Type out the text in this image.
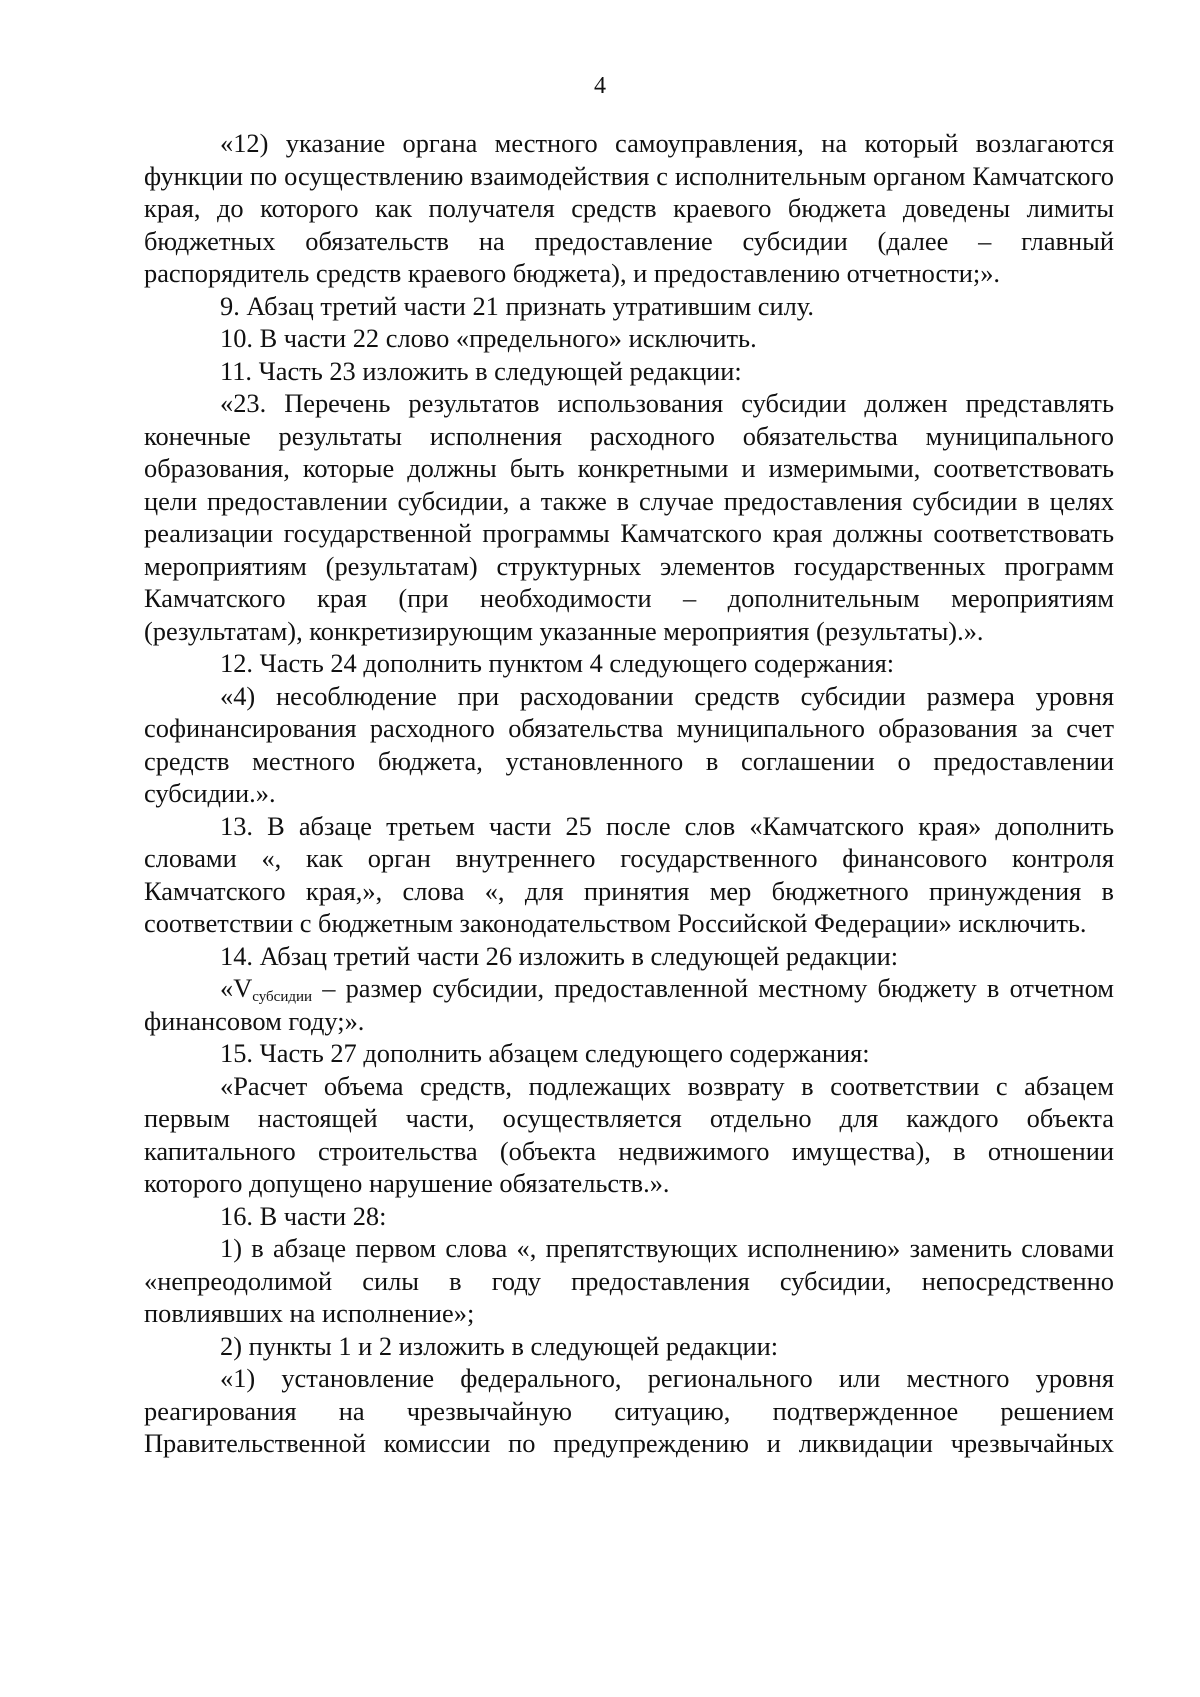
4

«12) указание органа местного самоуправления, на который возлагаются функции по осуществлению взаимодействия с исполнительным органом Камчатского края, до которого как получателя средств краевого бюджета доведены лимиты бюджетных обязательств на предоставление субсидии (далее – главный распорядитель средств краевого бюджета), и предоставлению отчетности;».

9. Абзац третий части 21 признать утратившим силу.

10. В части 22 слово «предельного» исключить.

11. Часть 23 изложить в следующей редакции:

«23. Перечень результатов использования субсидии должен представлять конечные результаты исполнения расходного обязательства муниципального образования, которые должны быть конкретными и измеримыми, соответствовать цели предоставлении субсидии, а также в случае предоставления субсидии в целях реализации государственной программы Камчатского края должны соответствовать мероприятиям (результатам) структурных элементов государственных программ Камчатского края (при необходимости – дополнительным мероприятиям (результатам), конкретизирующим указанные мероприятия (результаты).».

12. Часть 24 дополнить пунктом 4 следующего содержания:

«4) несоблюдение при расходовании средств субсидии размера уровня софинансирования расходного обязательства муниципального образования за счет средств местного бюджета, установленного в соглашении о предоставлении субсидии.».

13. В абзаце третьем части 25 после слов «Камчатского края» дополнить словами «, как орган внутреннего государственного финансового контроля Камчатского края,», слова «, для принятия мер бюджетного принуждения в соответствии с бюджетным законодательством Российской Федерации» исключить.

14. Абзац третий части 26 изложить в следующей редакции:

«$V_{субсидии}$ – размер субсидии, предоставленной местному бюджету в отчетном финансовом году;».

15. Часть 27 дополнить абзацем следующего содержания:

«Расчет объема средств, подлежащих возврату в соответствии с абзацем первым настоящей части, осуществляется отдельно для каждого объекта капитального строительства (объекта недвижимого имущества), в отношении которого допущено нарушение обязательств.».

16. В части 28:

1) в абзаце первом слова «, препятствующих исполнению» заменить словами «непреодолимой силы в году предоставления субсидии, непосредственно повлиявших на исполнение»;

2) пункты 1 и 2 изложить в следующей редакции:

«1) установление федерального, регионального или местного уровня реагирования на чрезвычайную ситуацию, подтвержденное решением Правительственной комиссии по предупреждению и ликвидации чрезвычайных
